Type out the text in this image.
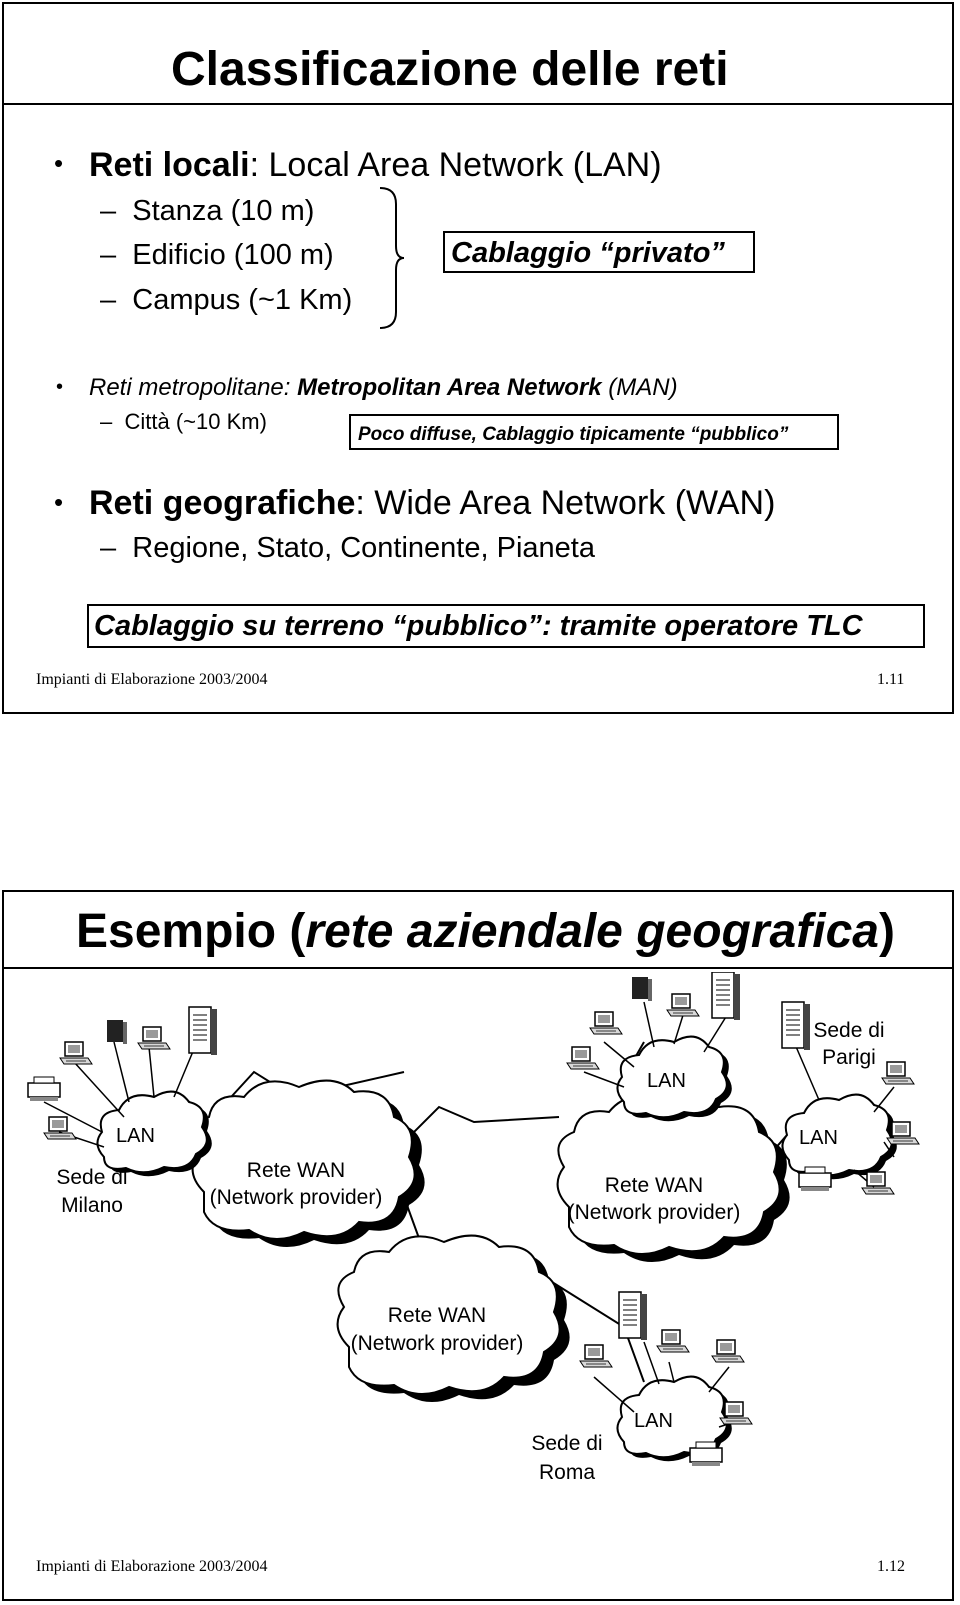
Classificazione delle reti
• Reti locali: Local Area Network (LAN)
–  Stanza (10 m)
–  Edificio (100 m)
–  Campus (~1 Km)
Cablaggio “privato”
• Reti metropolitane: Metropolitan Area Network (MAN)
–  Città (~10 Km)
Poco diffuse, Cablaggio tipicamente “pubblico”
• Reti geografiche: Wide Area Network (WAN)
–  Regione, Stato, Continente, Pianeta
Cablaggio su terreno “pubblico”: tramite operatore TLC
Impianti di Elaborazione 2003/2004	1.11
Esempio (rete aziendale geografica)
LAN
LAN
LAN
LAN
Rete WAN
(Network provider)
Rete WAN
(Network provider)
Rete WAN
(Network provider)
Sede di
Milano
Sede di
Parigi
Sede di
Roma
Impianti di Elaborazione 2003/2004	1.12
